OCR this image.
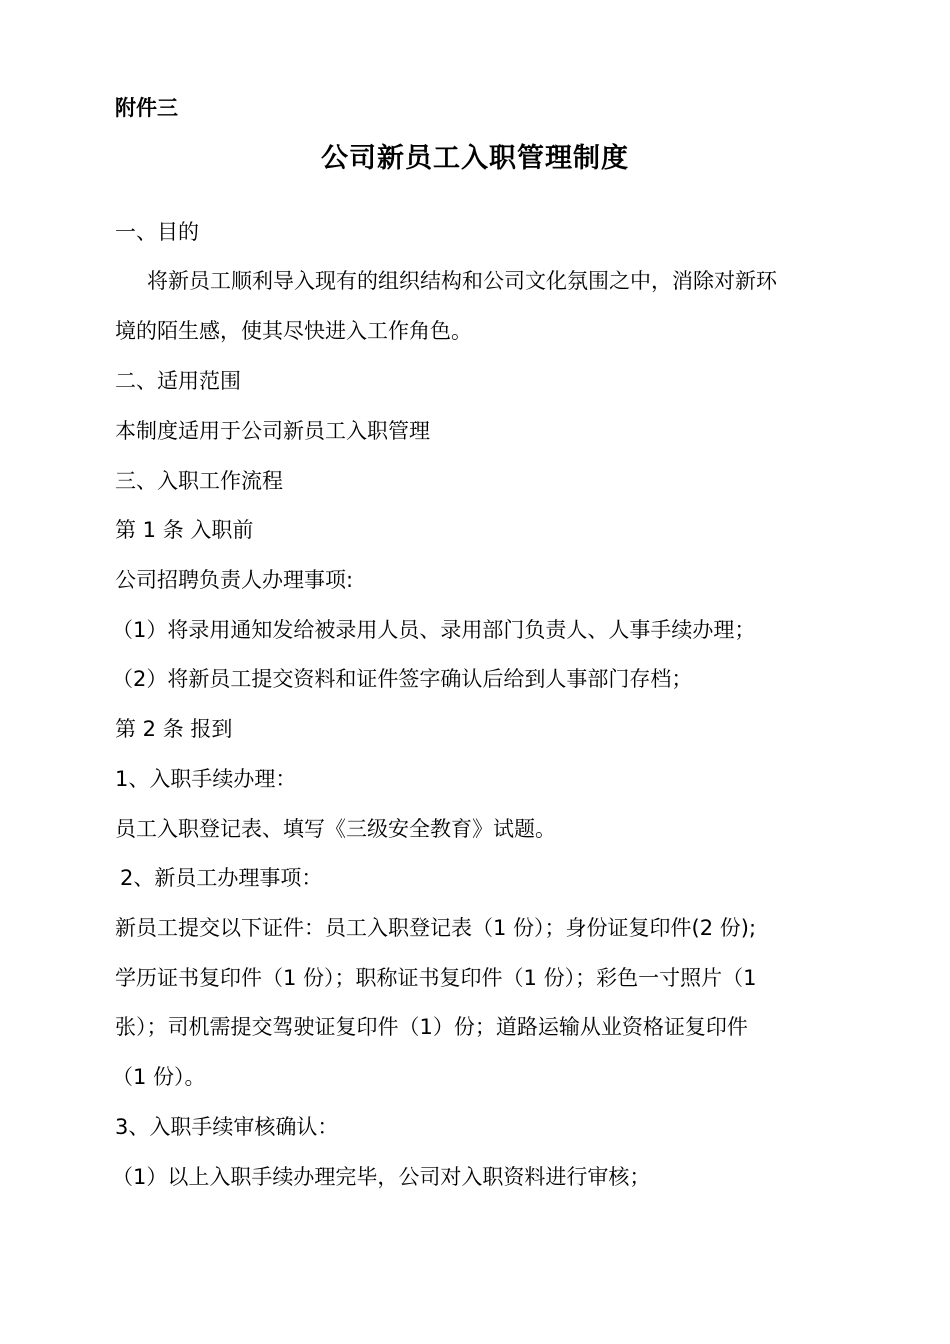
附件三
公司新员工入职管理制度
一、目的
将新员工顺利导入现有的组织结构和公司文化氛围之中，消除对新环
境的陌生感，使其尽快进入工作角色。
二、适用范围
本制度适用于公司新员工入职管理
三、入职工作流程
第 1 条 入职前
公司招聘负责人办理事项:
（1）将录用通知发给被录用人员、录用部门负责人、人事手续办理；
（2）将新员工提交资料和证件签字确认后给到人事部门存档；
第 2 条 报到
1、入职手续办理：
员工入职登记表、填写《三级安全教育》试题。
2、新员工办理事项：
新员工提交以下证件：员工入职登记表（1 份）；身份证复印件(2 份);
学历证书复印件（1 份）；职称证书复印件（1 份）；彩色一寸照片（1
张）；司机需提交驾驶证复印件（1）份；道路运输从业资格证复印件
（1 份）。
3、入职手续审核确认：
（1）以上入职手续办理完毕，公司对入职资料进行审核；
